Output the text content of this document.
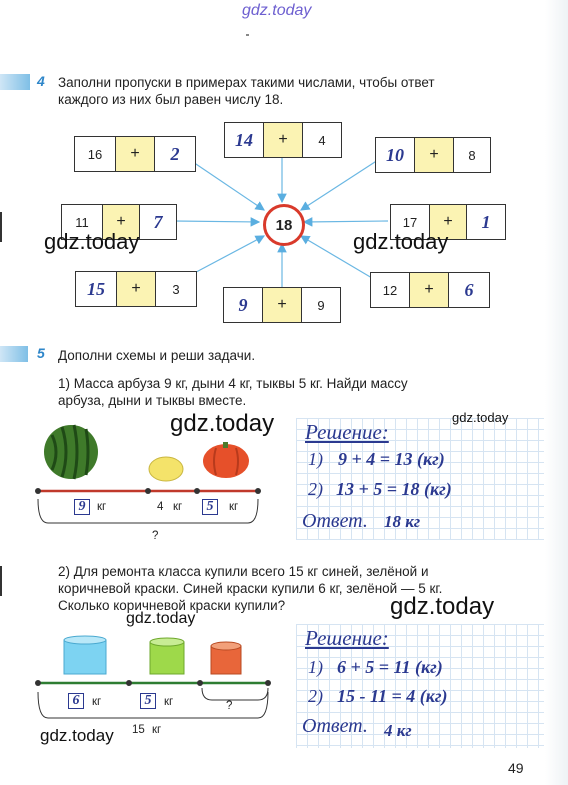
gdz.today
4 Заполни пропуски в примерах такими числами, чтобы ответ
каждого из них был равен числу 18.
18
16	+	2
14	+	4
10	+	8
11	+	7	17	+	1
15	+	3
9	+	9
12	+	6
gdz.today	gdz.today
5 Дополни схемы и реши задачи.
1) Масса арбуза 9 кг, дыни 4 кг, тыквы 5 кг. Найди массу
арбуза, дыни и тыквы вместе.
9	кг	4 кг	5	кг
?
Решение:
1) 9 + 4 = 13 (кг)
2) 13 + 5 = 18 (кг)
Ответ. 18 кг
gdz.today	gdz.today
2) Для ремонта класса купили всего 15 кг синей, зелёной и
коричневой краски. Синей краски купили 6 кг, зелёной — 5 кг.
Сколько коричневой краски купили?
6	кг	5	кг	?
15 кг
Решение:
1) 6 + 5 = 11 (кг)
2) 15 - 11 = 4 (кг)
Ответ. 4 кг
gdz.today	gdz.today
gdz.today
49
